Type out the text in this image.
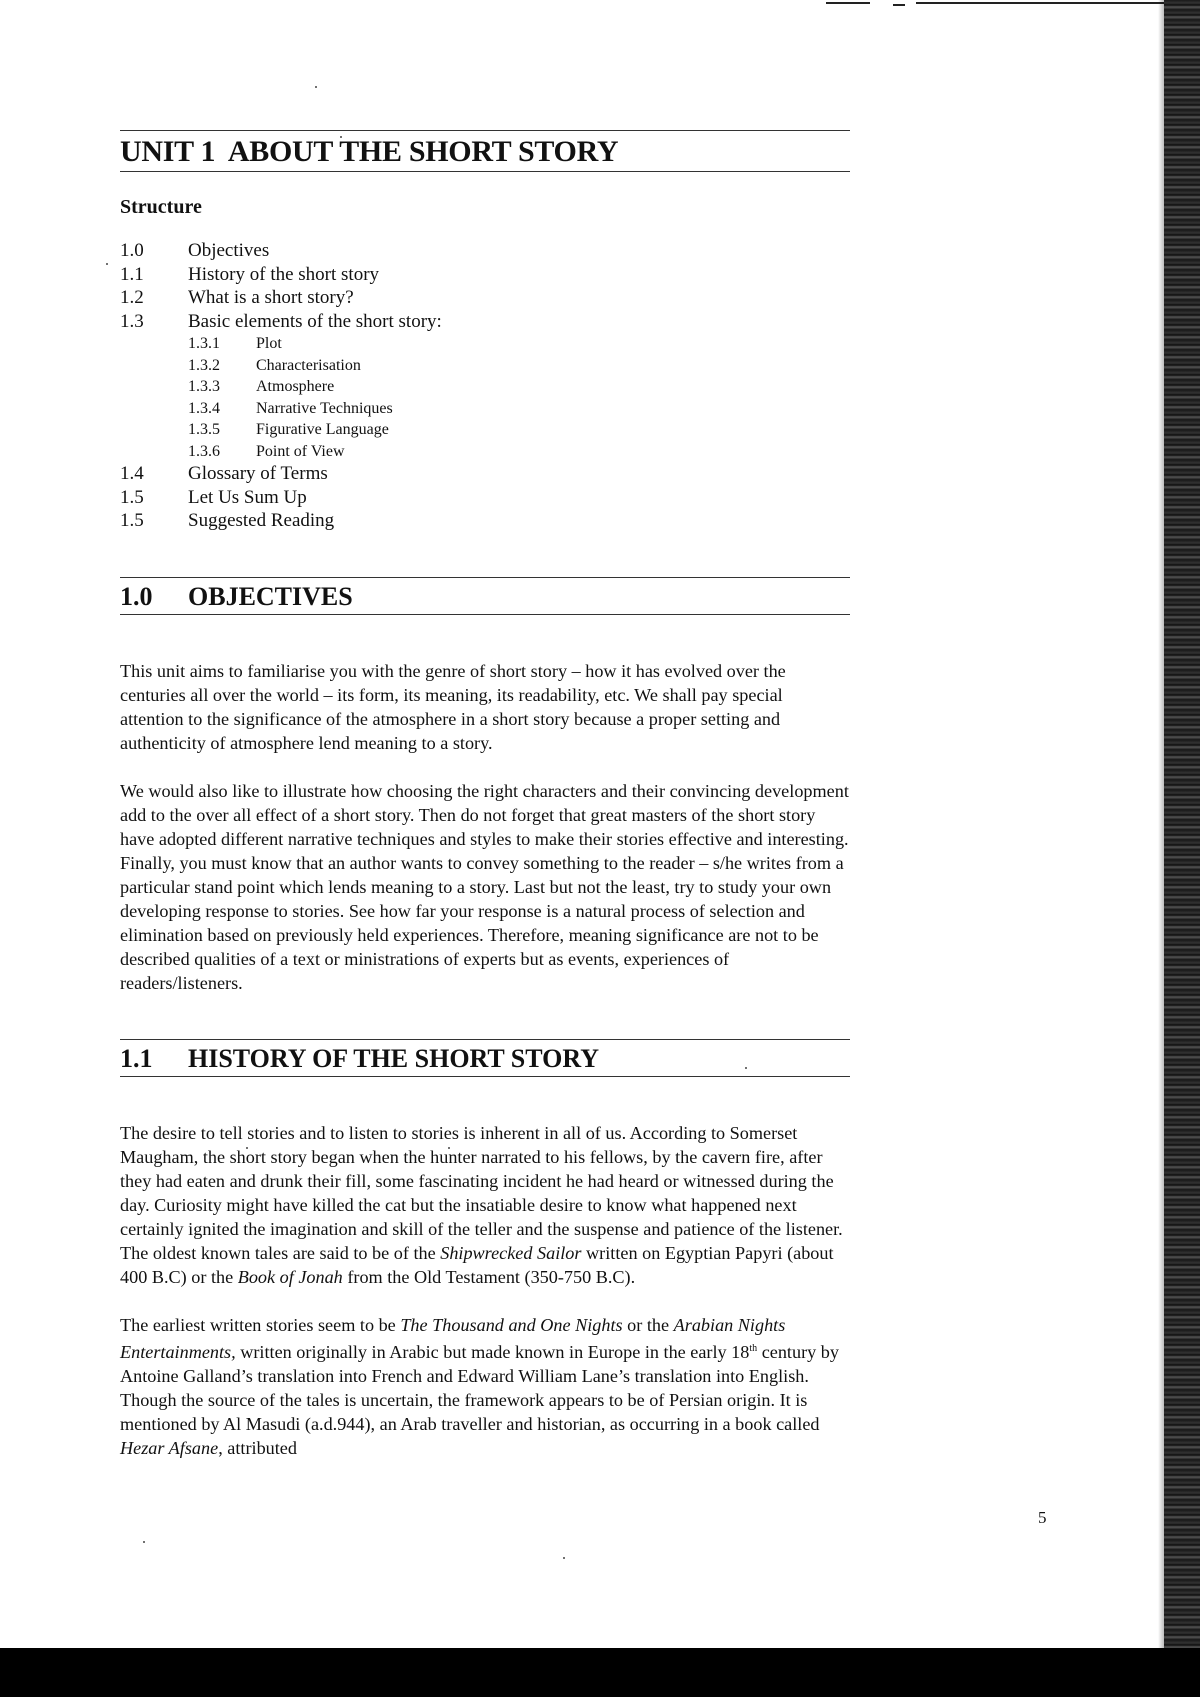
UNIT 1  ABOUT THE SHORT STORY
Structure
1.0	Objectives
1.1	History of the short story
1.2	What is a short story?
1.3	Basic elements of the short story:
1.3.1	Plot
1.3.2	Characterisation
1.3.3	Atmosphere
1.3.4	Narrative Techniques
1.3.5	Figurative Language
1.3.6	Point of View
1.4	Glossary of Terms
1.5	Let Us Sum Up
1.5	Suggested Reading
1.0	OBJECTIVES

This unit aims to familiarise you with the genre of short story – how it has evolved over the centuries all over the world – its form, its meaning, its readability, etc. We shall pay special attention to the significance of the atmosphere in a short story because a proper setting and authenticity of atmosphere lend meaning to a story.

We would also like to illustrate how choosing the right characters and their convincing development add to the over all effect of a short story. Then do not forget that great masters of the short story have adopted different narrative techniques and styles to make their stories effective and interesting. Finally, you must know that an author wants to convey something to the reader – s/he writes from a particular stand point which lends meaning to a story. Last but not the least, try to study your own developing response to stories. See how far your response is a natural process of selection and elimination based on previously held experiences. Therefore, meaning significance are not to be described qualities of a text or ministrations of experts but as events, experiences of readers/listeners.

1.1	HISTORY OF THE SHORT STORY

The desire to tell stories and to listen to stories is inherent in all of us. According to Somerset Maugham, the short story began when the hunter narrated to his fellows, by the cavern fire, after they had eaten and drunk their fill, some fascinating incident he had heard or witnessed during the day. Curiosity might have killed the cat but the insatiable desire to know what happened next certainly ignited the imagination and skill of the teller and the suspense and patience of the listener. The oldest known tales are said to be of the Shipwrecked Sailor written on Egyptian Papyri (about 400 B.C) or the Book of Jonah from the Old Testament (350-750 B.C).

The earliest written stories seem to be The Thousand and One Nights or the Arabian Nights Entertainments, written originally in Arabic but made known in Europe in the early 18th century by Antoine Galland’s translation into French and Edward William Lane’s translation into English. Though the source of the tales is uncertain, the framework appears to be of Persian origin. It is mentioned by Al Masudi (a.d.944), an Arab traveller and historian, as occurring in a book called Hezar Afsane, attributed

5
